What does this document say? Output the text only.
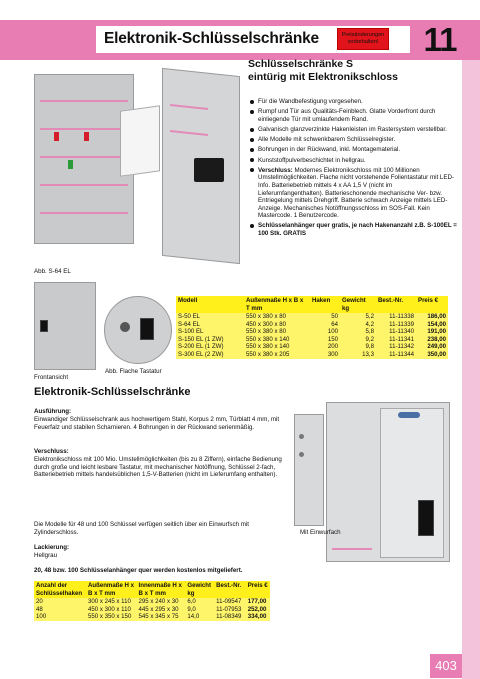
Elektronik-Schlüsselschränke	Preisänderungen
vorbehalten! 11
Abb. S-64 EL
Frontansicht
Abb. Flache Tastatur
Schlüsselschränke S
eintürig mit Elektronikschloss
Für die Wandbefestigung vorgesehen.
Rumpf und Tür aus Qualitäts-Feinblech. Glatte Vorderfront durch einliegende Tür mit umlaufendem Rand.
Galvanisch glanzverzinkte Hakenleisten im Rastersystem verstellbar.
Alle Modelle mit schwenkbarem Schlüsselregister.
Bohrungen in der Rückwand, inkl. Montagematerial.
Kunststoffpulverbeschichtet in hellgrau.
Verschluss: Modernes Elektronikschloss mit 100 Millionen Umstellmöglichkeiten. Flache nicht vorstehende Folientastatur mit LED-Info. Batteriebetrieb mittels 4 x AA 1,5 V (nicht im Lieferumfangenthalten). Batterieschonende mechanische Ver- bzw. Entriegelung mittels Drehgriff. Batterie schwach Anzeige mittels LED-Anzeige. Mechanisches Notöffnungsschloss im SOS-Fall. Kein Mastercode. 1 Benutzercode.
Schlüsselanhänger quer gratis, je nach Hakenanzahl z.B. S-100EL = 100 Stk. GRATIS
Modell	Außenmaße H x B x T mm	Haken	Gewicht kg	Best.-Nr.	Preis €
S-50 EL	550 x 380 x 80	50	5,2	11-11338	186,00
S-64 EL	450 x 300 x 80	64	4,2	11-11339	154,00
S-100 EL	550 x 380 x 80	100	5,8	11-11340	191,00
S-150 EL (1 ZW)	550 x 380 x 140	150	9,2	11-11341	238,00
S-200 EL (1 ZW)	550 x 380 x 140	200	9,8	11-11342	249,00
S-300 EL (2 ZW)	550 x 380 x 205	300	13,3	11-11344	350,00
Elektronik-Schlüsselschränke
Ausführung:
Einwandiger Schlüsselschrank aus hochwertigem Stahl, Korpus 2 mm, Türblatt 4 mm, mit Feuerfalz und stabilen Scharnieren. 4 Bohrungen in der Rückwand serienmäßig.
Verschluss:
Elektronikschloss mit 100 Mio. Umstellmöglichkeiten (bis zu 8 Ziffern), einfache Bedienung durch große und leicht lesbare Tastatur, mit mechanischer Notöffnung, Schlüssel 2-fach, Batteriebetrieb mittels handelsüblichen 1,5-V-Batterien (nicht im Lieferumfang enthalten).
Die Modelle für 48 und 100 Schlüssel verfügen seitlich über ein Einwurfsch mit Zylinderschloss.
Lackierung:
Hellgrau
20, 48 bzw. 100 Schlüsselanhänger quer werden kostenlos mitgeliefert.
Mit Einwurfach
Anzahl der Schlüsselhaken	Außenmaße H x B x T mm	Innenmaße H x B x T mm	Gewicht kg	Best.-Nr.	Preis €
20	300 x 245 x 110	295 x 240 x 30	6,0	11-09547	177,00
48	450 x 300 x 110	445 x 295 x 30	9,0	11-07953	252,00
100	550 x 350 x 150	545 x 345 x 75	14,0	11-08349	334,00
403
